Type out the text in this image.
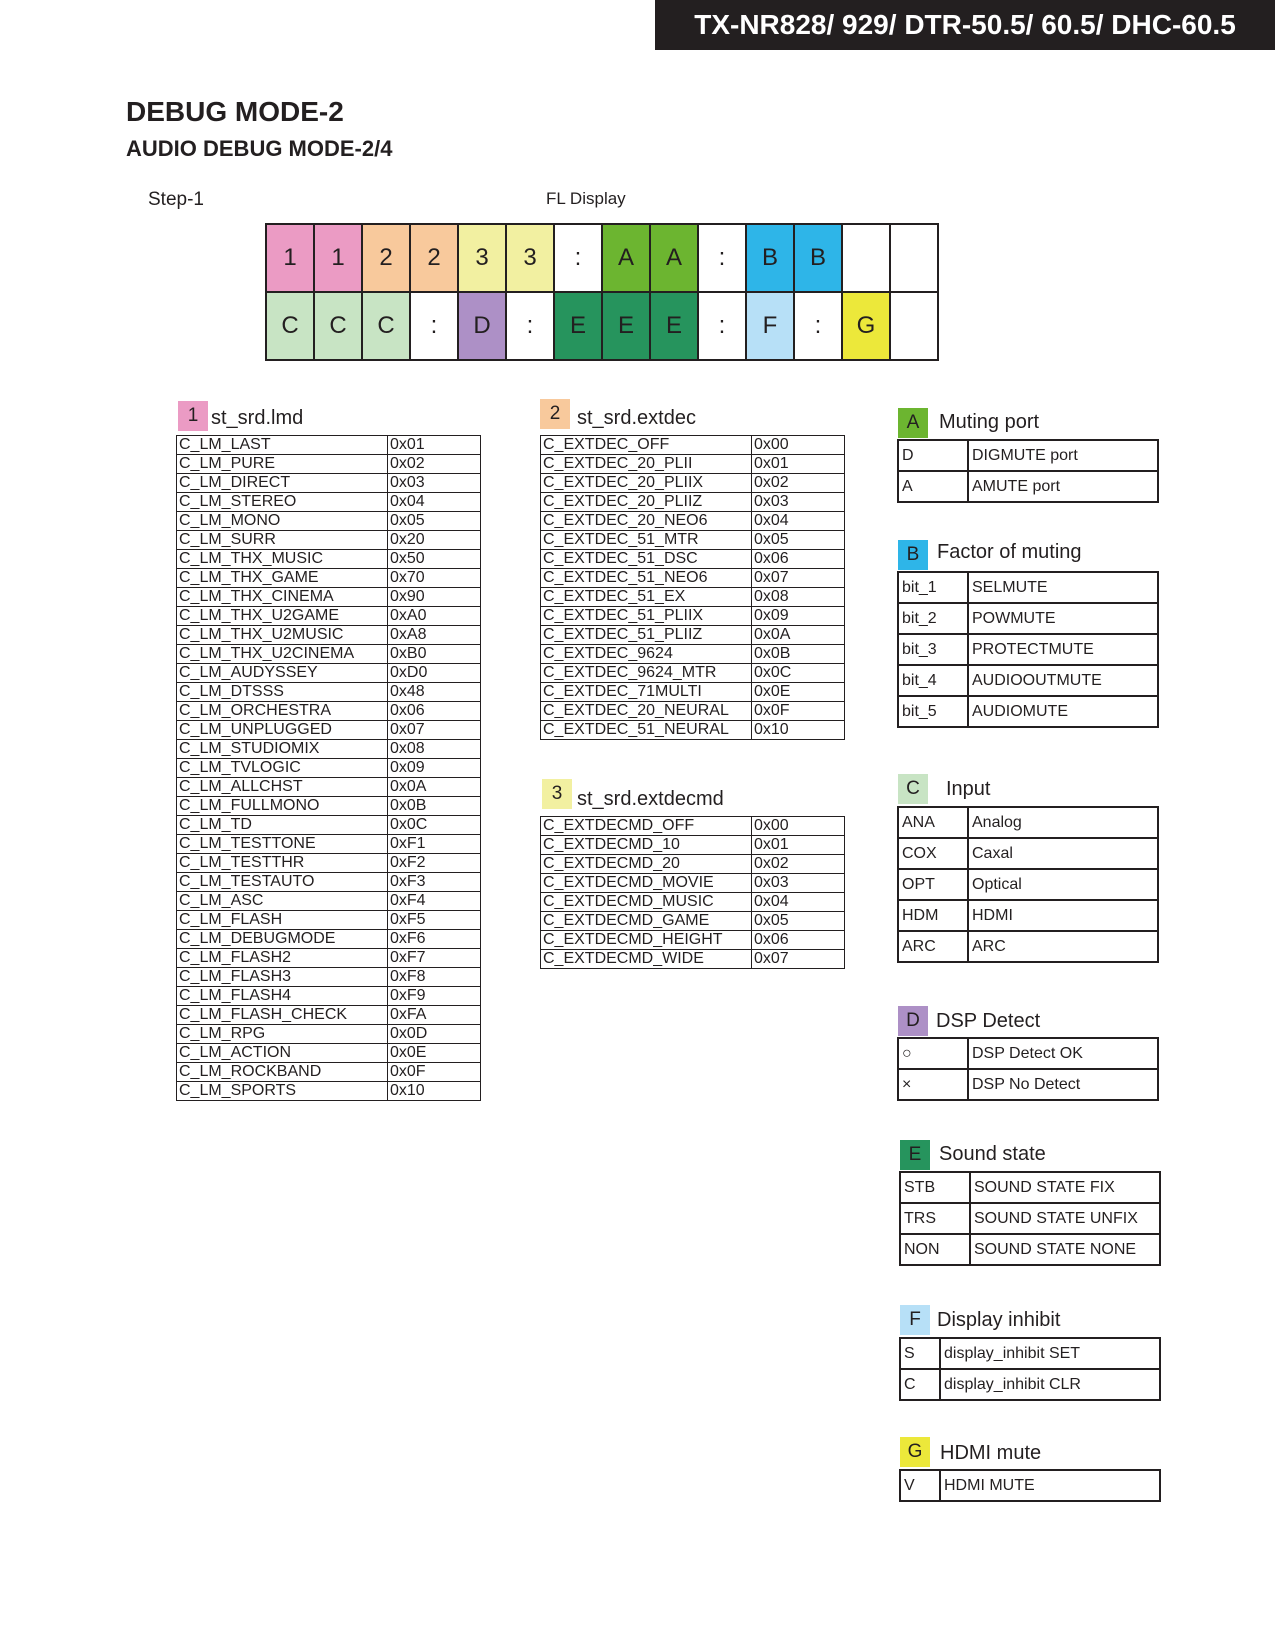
TX-NR828/ 929/ DTR-50.5/ 60.5/ DHC-60.5
DEBUG MODE-2
AUDIO DEBUG MODE-2/4
Step-1	FL Display
1	1	2	2	3	3	:	A	A	:	B	B		
C	C	C	:	D	:	E	E	E	:	F	:	G	
1 st_srd.lmd
C_LM_LAST	0x01
C_LM_PURE	0x02
C_LM_DIRECT	0x03
C_LM_STEREO	0x04
C_LM_MONO	0x05
C_LM_SURR	0x20
C_LM_THX_MUSIC	0x50
C_LM_THX_GAME	0x70
C_LM_THX_CINEMA	0x90
C_LM_THX_U2GAME	0xA0
C_LM_THX_U2MUSIC	0xA8
C_LM_THX_U2CINEMA	0xB0
C_LM_AUDYSSEY	0xD0
C_LM_DTSSS	0x48
C_LM_ORCHESTRA	0x06
C_LM_UNPLUGGED	0x07
C_LM_STUDIOMIX	0x08
C_LM_TVLOGIC	0x09
C_LM_ALLCHST	0x0A
C_LM_FULLMONO	0x0B
C_LM_TD	0x0C
C_LM_TESTTONE	0xF1
C_LM_TESTTHR	0xF2
C_LM_TESTAUTO	0xF3
C_LM_ASC	0xF4
C_LM_FLASH	0xF5
C_LM_DEBUGMODE	0xF6
C_LM_FLASH2	0xF7
C_LM_FLASH3	0xF8
C_LM_FLASH4	0xF9
C_LM_FLASH_CHECK	0xFA
C_LM_RPG	0x0D
C_LM_ACTION	0x0E
C_LM_ROCKBAND	0x0F
C_LM_SPORTS	0x10
2 st_srd.extdec
C_EXTDEC_OFF	0x00
C_EXTDEC_20_PLII	0x01
C_EXTDEC_20_PLIIX	0x02
C_EXTDEC_20_PLIIZ	0x03
C_EXTDEC_20_NEO6	0x04
C_EXTDEC_51_MTR	0x05
C_EXTDEC_51_DSC	0x06
C_EXTDEC_51_NEO6	0x07
C_EXTDEC_51_EX	0x08
C_EXTDEC_51_PLIIX	0x09
C_EXTDEC_51_PLIIZ	0x0A
C_EXTDEC_9624	0x0B
C_EXTDEC_9624_MTR	0x0C
C_EXTDEC_71MULTI	0x0E
C_EXTDEC_20_NEURAL	0x0F
C_EXTDEC_51_NEURAL	0x10
3 st_srd.extdecmd
C_EXTDECMD_OFF	0x00
C_EXTDECMD_10	0x01
C_EXTDECMD_20	0x02
C_EXTDECMD_MOVIE	0x03
C_EXTDECMD_MUSIC	0x04
C_EXTDECMD_GAME	0x05
C_EXTDECMD_HEIGHT	0x06
C_EXTDECMD_WIDE	0x07
A Muting port
D	DIGMUTE port
A	AMUTE port
B Factor of muting
bit_1	SELMUTE
bit_2	POWMUTE
bit_3	PROTECTMUTE
bit_4	AUDIOOUTMUTE
bit_5	AUDIOMUTE
C	Input
ANA	Analog
COX	Caxal
OPT	Optical
HDM	HDMI
ARC	ARC
D DSP Detect
○	DSP Detect OK
×	DSP No Detect
E Sound state
STB	SOUND STATE FIX
TRS	SOUND STATE UNFIX
NON	SOUND STATE NONE
F Display inhibit
S	display_inhibit SET
C	display_inhibit CLR
G HDMI mute
V	HDMI MUTE
